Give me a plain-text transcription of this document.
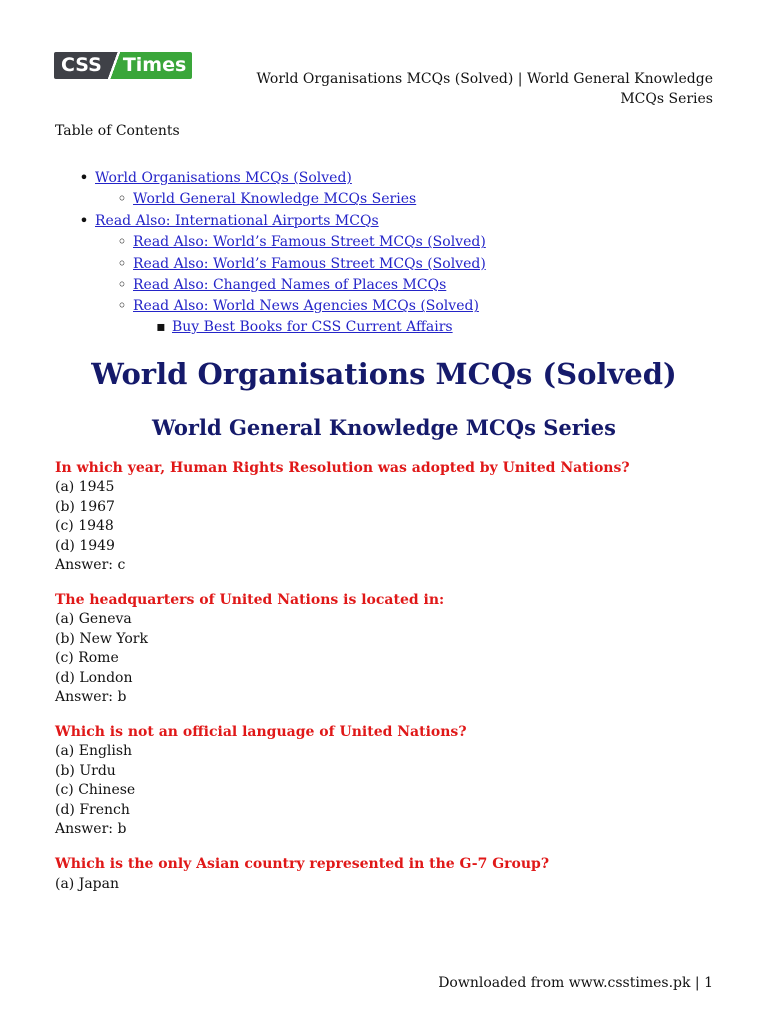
CSS	Times
World Organisations MCQs (Solved) | World General Knowledge
MCQs Series
Table of Contents
•
World Organisations MCQs (Solved)
◦
World General Knowledge MCQs Series
•
Read Also: International Airports MCQs
◦
Read Also: World’s Famous Street MCQs (Solved)
◦
Read Also: World’s Famous Street MCQs (Solved)
◦
Read Also: Changed Names of Places MCQs
◦
Read Also: World News Agencies MCQs (Solved)
▪
Buy Best Books for CSS Current Affairs
World Organisations MCQs (Solved)
World General Knowledge MCQs Series
In which year, Human Rights Resolution was adopted by United Nations?
(a) 1945
(b) 1967
(c) 1948
(d) 1949
Answer: c
The headquarters of United Nations is located in:
(a) Geneva
(b) New York
(c) Rome
(d) London
Answer: b
Which is not an official language of United Nations?
(a) English
(b) Urdu
(c) Chinese
(d) French
Answer: b
Which is the only Asian country represented in the G-7 Group?
(a) Japan
Downloaded from www.csstimes.pk | 1
